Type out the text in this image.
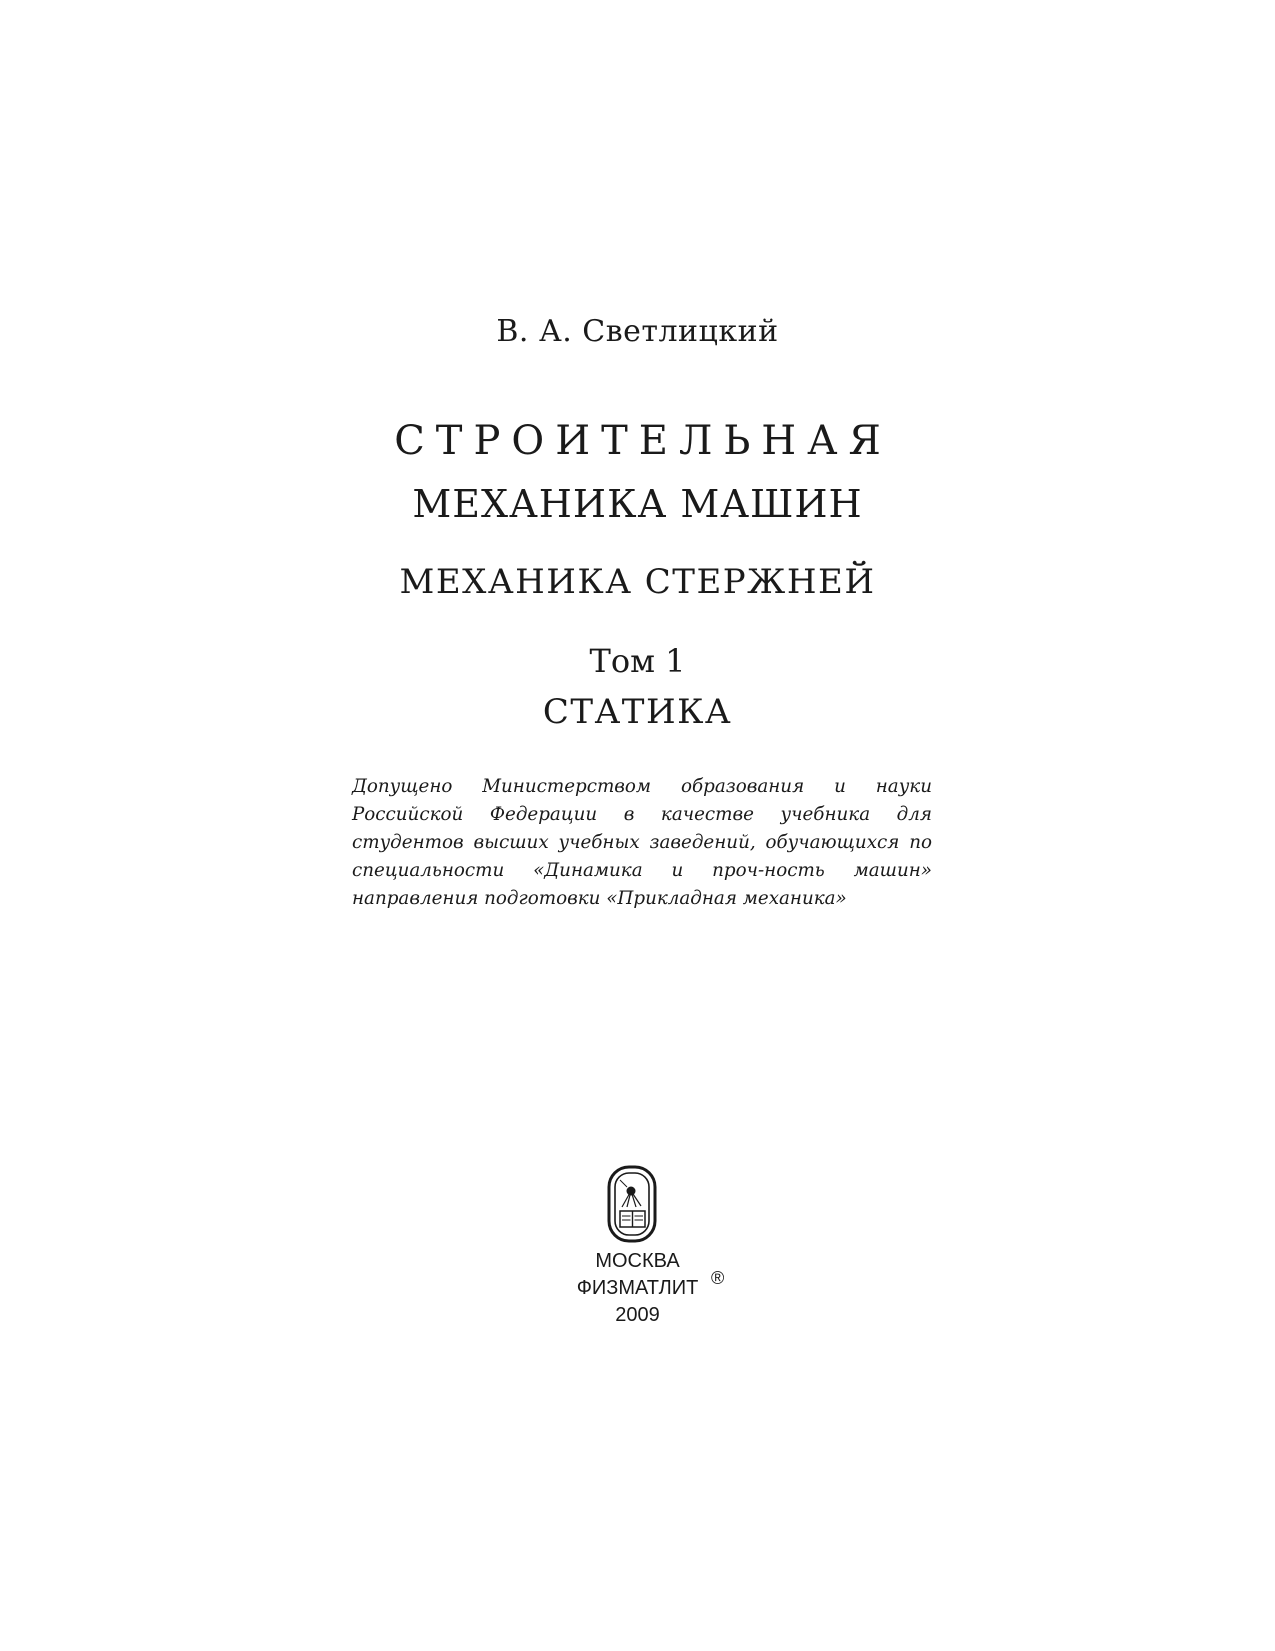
В. А. Светлицкий

СТРОИТЕЛЬНАЯ

МЕХАНИКА МАШИН

МЕХАНИКА СТЕРЖНЕЙ

Том 1

СТАТИКА

Допущено Министерством образования и науки Российской Федерации в качестве учебника для студентов высших учебных заведений, обучающихся по специальности «Динамика и проч-ность машин» направления подготовки «Прикладная механика»

МОСКВА
ФИЗМАТЛИТ ®
2009
